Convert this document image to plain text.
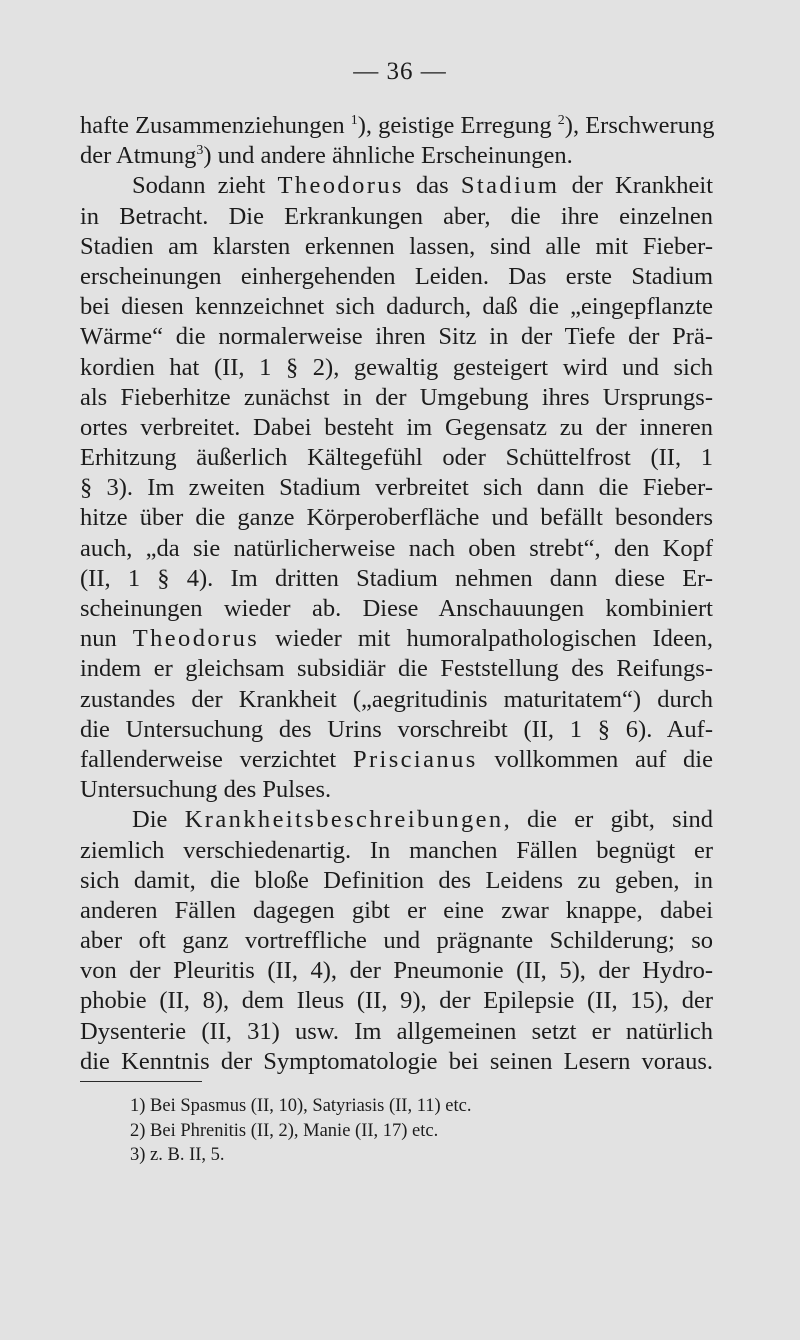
— 36 —
hafte Zusammenziehungen $^1$), geistige Erregung $^2$), Erschwerung
der Atmung$^3$) und andere ähnliche Erscheinungen.
Sodann zieht Theodorus das Stadium der Krankheit
in Betracht. Die Erkrankungen aber, die ihre einzelnen
Stadien am klarsten erkennen lassen, sind alle mit Fieber-
erscheinungen einhergehenden Leiden. Das erste Stadium
bei diesen kennzeichnet sich dadurch, daß die „eingepflanzte
Wärme“ die normalerweise ihren Sitz in der Tiefe der Prä-
kordien hat (II, 1 § 2), gewaltig gesteigert wird und sich
als Fieberhitze zunächst in der Umgebung ihres Ursprungs-
ortes verbreitet. Dabei besteht im Gegensatz zu der inneren
Erhitzung äußerlich Kältegefühl oder Schüttelfrost (II, 1
§ 3). Im zweiten Stadium verbreitet sich dann die Fieber-
hitze über die ganze Körperoberfläche und befällt besonders
auch, „da sie natürlicherweise nach oben strebt“, den Kopf
(II, 1 § 4). Im dritten Stadium nehmen dann diese Er-
scheinungen wieder ab. Diese Anschauungen kombiniert
nun Theodorus wieder mit humoralpathologischen Ideen,
indem er gleichsam subsidiär die Feststellung des Reifungs-
zustandes der Krankheit („aegritudinis maturitatem“) durch
die Untersuchung des Urins vorschreibt (II, 1 § 6). Auf-
fallenderweise verzichtet Priscianus vollkommen auf die
Untersuchung des Pulses.
Die Krankheitsbeschreibungen, die er gibt, sind
ziemlich verschiedenartig. In manchen Fällen begnügt er
sich damit, die bloße Definition des Leidens zu geben, in
anderen Fällen dagegen gibt er eine zwar knappe, dabei
aber oft ganz vortreffliche und prägnante Schilderung; so
von der Pleuritis (II, 4), der Pneumonie (II, 5), der Hydro-
phobie (II, 8), dem Ileus (II, 9), der Epilepsie (II, 15), der
Dysenterie (II, 31) usw. Im allgemeinen setzt er natürlich
die Kenntnis der Symptomatologie bei seinen Lesern voraus.
1) Bei Spasmus (II, 10), Satyriasis (II, 11) etc.
2) Bei Phrenitis (II, 2), Manie (II, 17) etc.
3) z. B. II, 5.
